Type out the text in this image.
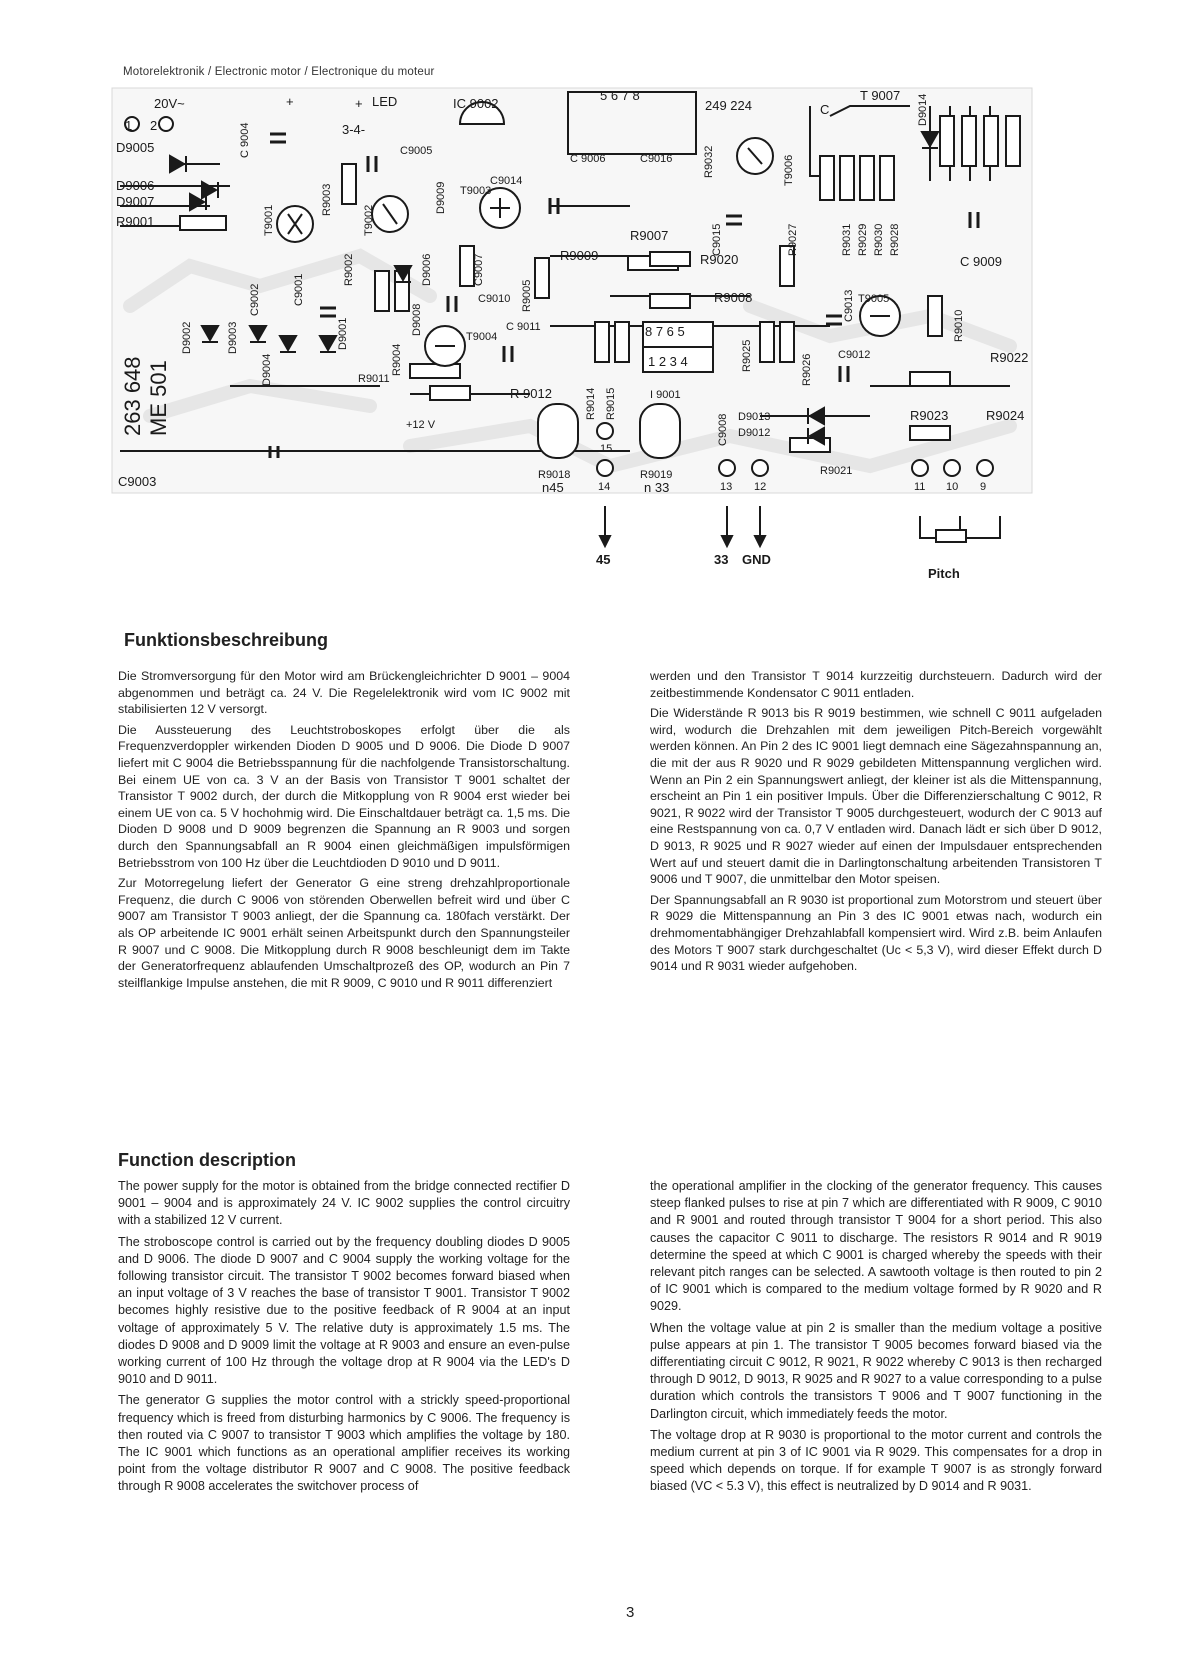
Motorelektronik / Electronic motor / Electronique du moteur
20V~
1 2
LED
3-4-
+	+	IC 9002
5 6 7 8
249 224
T 9007
C
D9005
D9006
D9007
R9001
C 9004
T9001
R9003
T9002
C9005
D9009 T9003
C9014
C 9006	C9016	R9032	T9006
D9014
C9002	C9001
R9002	D9006	C9007
R9005
C9015	R9027	R9031 R9029 R9030 R9028
C 9009
R9009
R9007
R9020
R9008
C9010	C9013 T9005
R9010
D9002	D9003
D9004
D9001
R9004
D9008	C 9011
T9004	8 7 6 5
1 2 3 4	R9025	R9026 C9012	R9022
263 648 ME 501	R9011
R 9012	R9014 R9015	I 9001
C9008 D9013
D9012
R9023	R9024
+12 V
15
C9003	R9018
n45	14
R9019
n 33	13 12
R9021
11 10 9
45	33 GND
Pitch
Funktionsbeschreibung

Die Stromversorgung für den Motor wird am Brückengleichrichter D 9001 – 9004 abgenommen und beträgt ca. 24 V. Die Regelelektronik wird vom IC 9002 mit stabilisierten 12 V versorgt.

Die Aussteuerung des Leuchtstroboskopes erfolgt über die als Frequenzverdoppler wirkenden Dioden D 9005 und D 9006. Die Diode D 9007 liefert mit C 9004 die Betriebsspannung für die nachfolgende Transistorschaltung. Bei einem UE von ca. 3 V an der Basis von Transistor T 9001 schaltet der Transistor T 9002 durch, der durch die Mitkopplung von R 9004 erst wieder bei einem UE von ca. 5 V hochohmig wird. Die Einschaltdauer beträgt ca. 1,5 ms. Die Dioden D 9008 und D 9009 begrenzen die Spannung an R 9003 und sorgen durch den Spannungsabfall an R 9004 einen gleichmäßigen impulsförmigen Betriebsstrom von 100 Hz über die Leuchtdioden D 9010 und D 9011.

Zur Motorregelung liefert der Generator G eine streng drehzahlproportionale Frequenz, die durch C 9006 von störenden Oberwellen befreit wird und über C 9007 am Transistor T 9003 anliegt, der die Spannung ca. 180fach verstärkt. Der als OP arbeitende IC 9001 erhält seinen Arbeitspunkt durch den Spannungsteiler R 9007 und C 9008. Die Mitkopplung durch R 9008 beschleunigt dem im Takte der Generatorfrequenz ablaufenden Umschaltprozeß des OP, wodurch an Pin 7 steilflankige Impulse anstehen, die mit R 9009, C 9010 und R 9011 differenziert

werden und den Transistor T 9014 kurzzeitig durchsteuern. Dadurch wird der zeitbestimmende Kondensator C 9011 entladen.

Die Widerstände R 9013 bis R 9019 bestimmen, wie schnell C 9011 aufgeladen wird, wodurch die Drehzahlen mit dem jeweiligen Pitch-Bereich vorgewählt werden können. An Pin 2 des IC 9001 liegt demnach eine Sägezahnspannung an, die mit der aus R 9020 und R 9029 gebildeten Mittenspannung verglichen wird. Wenn an Pin 2 ein Spannungswert anliegt, der kleiner ist als die Mittenspannung, erscheint an Pin 1 ein positiver Impuls. Über die Differenzierschaltung C 9012, R 9021, R 9022 wird der Transistor T 9005 durchgesteuert, wodurch der C 9013 auf eine Restspannung von ca. 0,7 V entladen wird. Danach lädt er sich über D 9012, D 9013, R 9025 und R 9027 wieder auf einen der Impulsdauer entsprechenden Wert auf und steuert damit die in Darlingtonschaltung arbeitenden Transistoren T 9006 und T 9007, die unmittelbar den Motor speisen.

Der Spannungsabfall an R 9030 ist proportional zum Motorstrom und steuert über R 9029 die Mittenspannung an Pin 3 des IC 9001 etwas nach, wodurch ein drehmomentabhängiger Drehzahlabfall kompensiert wird. Wird z.B. beim Anlaufen des Motors T 9007 stark durchgeschaltet (Uc < 5,3 V), wird dieser Effekt durch D 9014 und R 9031 wieder aufgehoben.

Function description

The power supply for the motor is obtained from the bridge connected rectifier D 9001 – 9004 and is approximately 24 V. IC 9002 supplies the control circuitry with a stabilized 12 V current.

The stroboscope control is carried out by the frequency doubling diodes D 9005 and D 9006. The diode D 9007 and C 9004 supply the working voltage for the following transistor circuit. The transistor T 9002 becomes forward biased when an input voltage of 3 V reaches the base of transistor T 9001. Transistor T 9002 becomes highly resistive due to the positive feedback of R 9004 at an input voltage of approximately 5 V. The relative duty is approximately 1.5 ms. The diodes D 9008 and D 9009 limit the voltage at R 9003 and ensure an even-pulse working current of 100 Hz through the voltage drop at R 9004 via the LED's D 9010 and D 9011.

The generator G supplies the motor control with a strickly speed-proportional frequency which is freed from disturbing harmonics by C 9006. The frequency is then routed via C 9007 to transistor T 9003 which amplifies the voltage by 180. The IC 9001 which functions as an operational amplifier receives its working point from the voltage distributor R 9007 and C 9008. The positive feedback through R 9008 accelerates the switchover process of

the operational amplifier in the clocking of the generator frequency. This causes steep flanked pulses to rise at pin 7 which are differentiated with R 9009, C 9010 and R 9001 and routed through transistor T 9004 for a short period. This also causes the capacitor C 9011 to discharge. The resistors R 9014 and R 9019 determine the speed at which C 9001 is charged whereby the speeds with their relevant pitch ranges can be selected. A sawtooth voltage is then routed to pin 2 of IC 9001 which is compared to the medium voltage formed by R 9020 and R 9029.

When the voltage value at pin 2 is smaller than the medium voltage a positive pulse appears at pin 1. The transistor T 9005 becomes forward biased via the differentiating circuit C 9012, R 9021, R 9022 whereby C 9013 is then recharged through D 9012, D 9013, R 9025 and R 9027 to a value corresponding to a pulse duration which controls the transistors T 9006 and T 9007 functioning in the Darlington circuit, which immediately feeds the motor.

The voltage drop at R 9030 is proportional to the motor current and controls the medium current at pin 3 of IC 9001 via R 9029. This compensates for a drop in speed which depends on torque. If for example T 9007 is as strongly forward biased (VC < 5.3 V), this effect is neutralized by D 9014 and R 9031.

3
